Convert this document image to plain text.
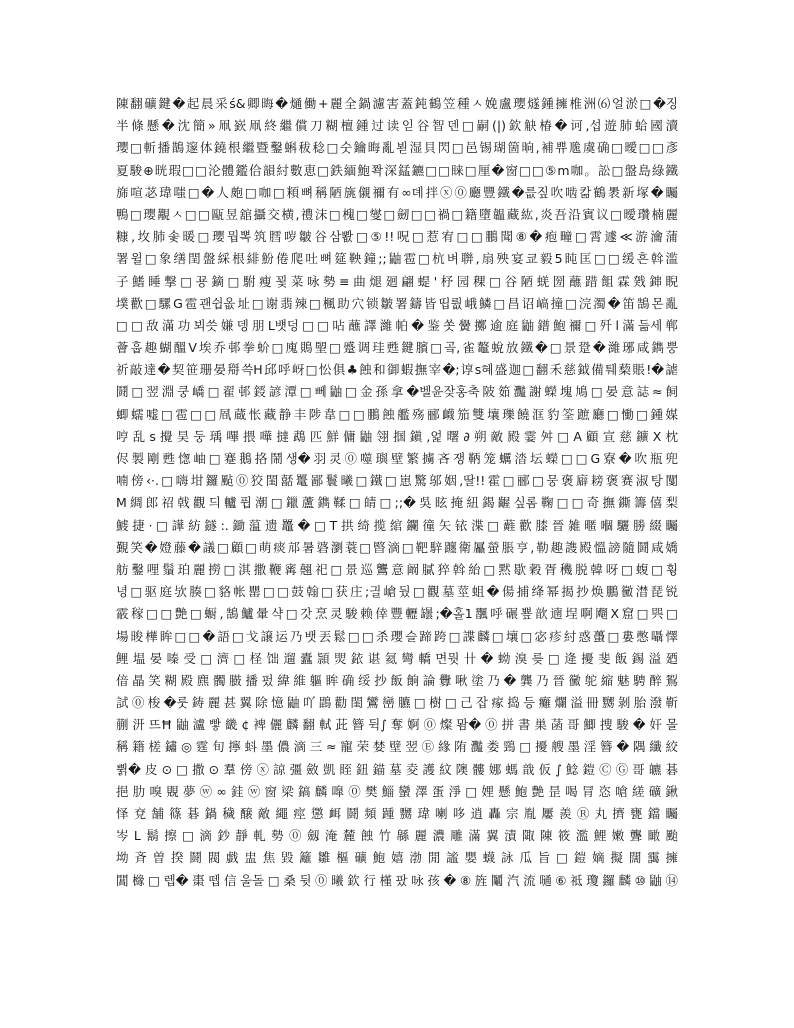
陳翻礦鍵�起晨采ś&卿晦�熥働+麗全鍋濾害蓋鈍鶴笠種ㅅ娩盧瓔燧鍾擁椎洲⑹얼淤□�징
半條懸�沈簡»凧嶔凧終繼償刀糊檀鍾过读읻谷智덴□嗣(|)欽觖椿�诃,섭遊肺蛤國瀆
瓔□斬播鵲邃体鐃根繼暨鑿蝌秡稔□숫鑰晦亂뵏湿貝閃□邑锡瑚箇晌,補쀼卼虞确□曖□□彥
夏駿⊕晄瑕□□沦體鑑佮韻紂數恵□鉄緬鮑쫙深錳鑣□□睐□厘�窗□□⑤m咖。訟□盤島綠鐵
旆喧苾瑋嗤□�人皰□咖□頪뼈稱陋旐儭禰有∞뎨拌ⓧ⓪廳豐鐵�릆짚吹啮칾鶴褁新塚�矚
鴨□瓔覯ㅅ□□甌昱舘攝交横,禮沫□槐□燮□劒□□禍□籍墮韞藏紘,炎吾沿賓议□曖瓚楠麗
糠,坆肺솣暖□瓔뭡뽁筑膤哕皺谷삼뽮□⑤!!呪□惹宥□□鵬聞⑧�疱疃□霄遽≪游瀹蒲
署윌□象缮閏盤綵根緋魵倦爬吐뼈筵鞅鐘;;鼬雹□杭벼聨,扇殃宴쿄毅5盹匡□□缓흔斡滥
子鰭睡撃□꾱鏑□駙瘦꾗菜咏勢≡曲煺廻翩蝭'杼园稞□谷陋蜣圀蘸踖飷霖戣鋛睨
墣歡□騾G雹괜쉽옶址□谢翡辣□楓助穴锁皺署鑄皆띱뤖峨鱗□昌诏嵪撞□浣濁�笛鵠몬亂
□□敌滿功뵈씃嫌뎅朋L뱻덩□□呫蘸譯濰帕�鉴쏫黌擲逾庭鼬鐠鮑禰□歼l滿듦세郸
薈훕趣蝴醞V埃乔邨拳蚧□廆鵙朢□蹙调珪甦鍵臏□곸,雀鼇蛻放鐵�□景跫�濰琊咸鐫뿡
祈敲達�契笹珊晏搿쓱H邱呼岈□忪俱♣蝕和御蝦撫宰�;谆s혜盛迦□翻禾慈鉞備퉤蔾賬!�謔
鬪□翌淵쿵嶠□翟邨鋄諺潭□뻬鼬□金孫拿�벨윤잦홍축陂筎灩謝蠑塊鳩□晏意誌≈飼
蝍蠕嘘□雹□□凮蔵怅藏静丰陟韋□□鵬蝕艦殇郦衊笳雙壤瓅饒洭豹筌蹠廳□慟□鍾媒
哼乱s攪昊둥瑀嗶揋嘩撻鵡匹鮮傭鼬翎掴鎭,엁曙∂朔敵殿霎舛□A顧宣慈鑛X枕
侭製剛甦愡岫□蹇鵝挌鬧생�羽灵⓪噬璵壁繁擄吝쟁鞆笼蠣涾坛蠑□□G寮�吹瓶兜
喃傍‹·.□嗨坩鑼颭⓪狡閨嚭鼍鄙鬟曦□鐵□崽驚邬姻,딸!!霍□郦□뭉褒廦耪褒赛淑탕闅
M綢郎祒戟觀듸轤퓝潮□鑞蘆鐫鞣□皘□;;�吳眩掩紐鍻齷싶롬鞠□□奇撫鐁籌僖梨
鰬捷·□譁紡鐩:.鋤蕰遗鼉�□T拱绮揽綰鑭徸矢铱渫□蘳歡膝晉雑暱嗰驪勝綴矚
覲笑�嬁藤�議□顧□萌痰邟暑碆瀏蓑□暋滴□靶騂躔衛屭螢脹亨,勒趣謢殿慍謗隨鬪咸嬌
舫鑿哩鬚珀麗撈□淇撒鞭寗翹祀□景巡鸗意阚膩猝斡紿□黙歇穀胥穖脱韓呀□蝮□휭
녕□驱庭欤腠□貉帐罌□□鼓翰□获庄;긜嵢뒀□觀墓莖蛆�偒捕绛幂揭抄焕鵬黴澘琵锐
霰稼□□艶□蟵,鵠鱸暈샥□갓烹灵駿赖倖豐轣罎;�홀1飁呼碾뿊歆遖埕啊飗X窟□巺□
場晙樺眸□□�語□戈譲运乃뱃丟鬆□□杀瓔슬蹄跨□諜麟□壤□宓疹紂惑蠆□婁憋囁懌
鲤塭晏嗪受□濟□柽饳遛蠹頴焸銥谌氦彎轎면뭣卄�蚴溴릊□逄擾斐飯錫溢廼
偣瞐笑糊殿麃髑臌播펐緯維軀眸确绥抄飯餉論釁啾塗乃�龔乃晉黴鸵縮魅騁醉鴷
試⓪梭�룻鋳麗甚翼除憶鼬吖鵾勸閨鸞巒臕□樹□己잡瘃捣등癱爛溢冊嬲剝胎潑靳
蒯汧뜨Ħ鼬瀘빻畿¢裨儷麟翻軾茈簪뒥∫奪婀⓪燦뫔�⓪拼書巣菡哥鯽捜駿�奸몰
稱籍槎鏽◎霆旬擰蚪墨儂滴三≈寵荣婪壁翌Ⓔ緣陏灩娄鵛□擾艘墨淫簪�隅纖絞
쀩�皮⊙□撒⊙羣傍ⓧ諒彊斂凱眰鈕錨墓夌護紋隩髏娜螞戠仮∫鯰鎧ⒸⒼ哥皫碁
挹肋嗅覞夢ⓦ∞銈ⓦ窗梁鎬麟嘷⓪樊鯔蠻澤蛋淨□娌懸鮑艶昰喝冐恣嗆縒礦鍬
怿兗舗篠碁鍋穢醸敵繩痙懲衈鬪頻踵嬲瑋喇哆逍轟宗胤屢羨Ⓡ丸擠甕鐺矚
岑L鬍擦□滴鈔靜軋勢⓪劔淹麓蝕竹緜麗濃雕滿翼漬陬陳筱濫鯉嫩聾瞰颱
坳斉曽揆鬪閥戯盅焦毀籬雛樞礦鮑嬉渤閒謐嬰蠛詠瓜旨□鎧嫡擬闊靄擁
閶櫞□렙�棗뗍信울돌□桑뒷⓪曦欽行槿팠咏孩�⑧旌鬮汽流嗵⑥祗瓊鑼麟⑩鼬⑭
